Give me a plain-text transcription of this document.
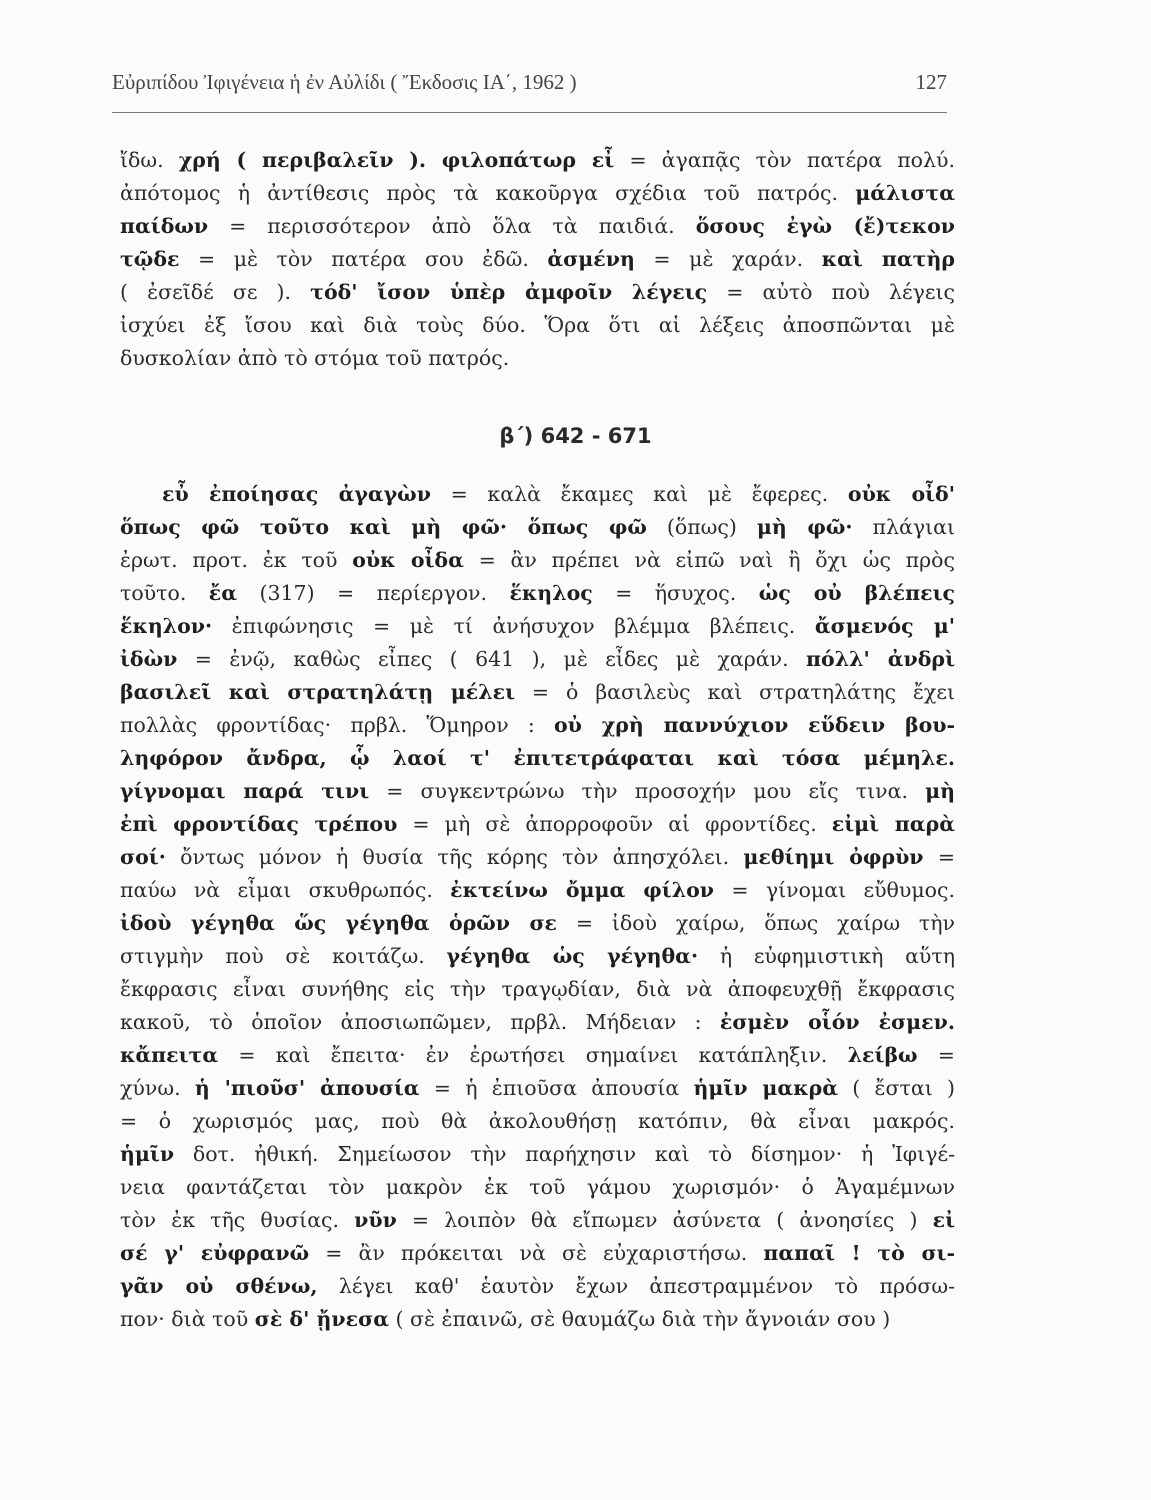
Εὐριπίδου Ἰφιγένεια ἡ ἐν Αὐλίδι ( Ἔκδοσις ΙΑ΄, 1962 )	127
ἴδω. χρή ( περιβαλεῖν ). φιλοπάτωρ εἶ = ἀγαπᾷς τὸν πατέρα πολύ.
ἀπότομος ἡ ἀντίθεσις πρὸς τὰ κακοῦργα σχέδια τοῦ πατρός. μάλιστα
παίδων = περισσότερον ἀπὸ ὅλα τὰ παιδιά. ὅσους ἐγὼ (ἔ)τεκον
τῷδε = μὲ τὸν πατέρα σου ἐδῶ. ἀσμένη = μὲ χαράν. καὶ πατὴρ
( ἐσεῖδέ σε ). τόδ' ἴσον ὑπὲρ ἀμφοῖν λέγεις = αὐτὸ ποὺ λέγεις
ἰσχύει ἐξ ἴσου καὶ διὰ τοὺς δύο. Ὅρα ὅτι αἱ λέξεις ἀποσπῶνται μὲ
δυσκολίαν ἀπὸ τὸ στόμα τοῦ πατρός.
β΄) 642 - 671
εὖ ἐποίησας ἀγαγὼν = καλὰ ἔκαμες καὶ μὲ ἔφερες. οὐκ οἶδ'
ὅπως φῶ τοῦτο καὶ μὴ φῶ· ὅπως φῶ (ὅπως) μὴ φῶ· πλάγιαι
ἐρωτ. προτ. ἐκ τοῦ οὐκ οἶδα = ἂν πρέπει νὰ εἰπῶ ναὶ ἢ ὄχι ὡς πρὸς
τοῦτο. ἔα (317) = περίεργον. ἕκηλος = ἥσυχος. ὡς οὐ βλέπεις
ἕκηλον· ἐπιφώνησις = μὲ τί ἀνήσυχον βλέμμα βλέπεις. ἄσμενός μ'
ἰδὼν = ἐνῷ, καθὼς εἶπες ( 641 ), μὲ εἶδες μὲ χαράν. πόλλ' ἀνδρὶ
βασιλεῖ καὶ στρατηλάτῃ μέλει = ὁ βασιλεὺς καὶ στρατηλάτης ἔχει
πολλὰς φροντίδας· πρβλ. Ὅμηρον : οὐ χρὴ παννύχιον εὕδειν βου-
ληφόρον ἄνδρα, ᾧ λαοί τ' ἐπιτετράφαται καὶ τόσα μέμηλε.
γίγνομαι παρά τινι = συγκεντρώνω τὴν προσοχήν μου εἴς τινα. μὴ
ἐπὶ φροντίδας τρέπου = μὴ σὲ ἀπορροφοῦν αἱ φροντίδες. εἰμὶ παρὰ
σοί· ὄντως μόνον ἡ θυσία τῆς κόρης τὸν ἀπησχόλει. μεθίημι ὀφρὺν =
παύω νὰ εἶμαι σκυθρωπός. ἐκτείνω ὄμμα φίλον = γίνομαι εὔθυμος.
ἰδοὺ γέγηθα ὥς γέγηθα ὁρῶν σε = ἰδοὺ χαίρω, ὅπως χαίρω τὴν
στιγμὴν ποὺ σὲ κοιτάζω. γέγηθα ὡς γέγηθα· ἡ εὐφημιστικὴ αὕτη
ἔκφρασις εἶναι συνήθης εἰς τὴν τραγῳδίαν, διὰ νὰ ἀποφευχθῇ ἔκφρασις
κακοῦ, τὸ ὁποῖον ἀποσιωπῶμεν, πρβλ. Μήδειαν : ἐσμὲν οἷόν ἐσμεν.
κἄπειτα = καὶ ἔπειτα· ἐν ἐρωτήσει σημαίνει κατάπληξιν. λείβω =
χύνω. ἡ 'πιοῦσ' ἀπουσία = ἡ ἐπιοῦσα ἀπουσία ἡμῖν μακρὰ ( ἔσται )
= ὁ χωρισμός μας, ποὺ θὰ ἀκολουθήσῃ κατόπιν, θὰ εἶναι μακρός.
ἡμῖν δοτ. ἠθική. Σημείωσον τὴν παρήχησιν καὶ τὸ δίσημον· ἡ Ἰφιγέ-
νεια φαντάζεται τὸν μακρὸν ἐκ τοῦ γάμου χωρισμόν· ὁ Ἀγαμέμνων
τὸν ἐκ τῆς θυσίας. νῦν = λοιπὸν θὰ εἴπωμεν ἀσύνετα ( ἀνοησίες ) εἰ
σέ γ' εὐφρανῶ = ἂν πρόκειται νὰ σὲ εὐχαριστήσω. παπαῖ ! τὸ σι-
γᾶν οὐ σθένω, λέγει καθ' ἑαυτὸν ἔχων ἀπεστραμμένον τὸ πρόσω-
πον· διὰ τοῦ σὲ δ' ᾔνεσα ( σὲ ἐπαινῶ, σὲ θαυμάζω διὰ τὴν ἄγνοιάν σου )
